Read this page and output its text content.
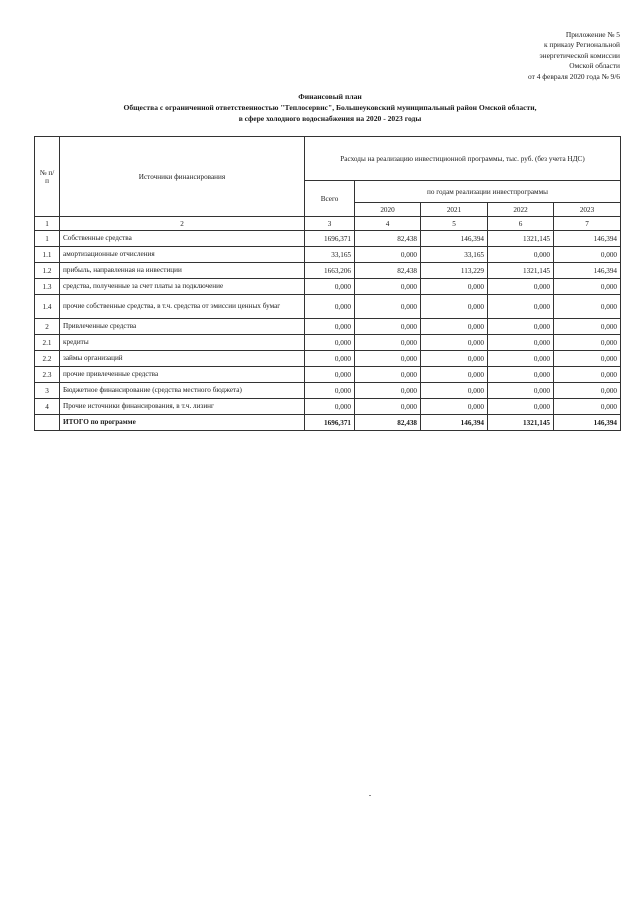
Приложение № 5
к приказу Региональной
энергетической комиссии
Омской области
от 4 февраля 2020 года № 9/6
Финансовый план
Общества с ограниченной ответственностью "Теплосервис", Большеуковский муниципальный район Омской области,
в сфере холодного водоснабжения на 2020 - 2023 годы
№ п/п	Источники финансирования	Расходы на реализацию инвестиционной программы, тыс. руб. (без учета НДС)				
		Всего	по годам реализации инвестпрограммы			
			2020	2021	2022	2023
1	2	3	4	5	6	7
1	Собственные средства	1696,371	82,438	146,394	1321,145	146,394
1.1	амортизационные отчисления	33,165	0,000	33,165	0,000	0,000
1.2	прибыль, направленная на инвестиции	1663,206	82,438	113,229	1321,145	146,394
1.3	средства, полученные за счет платы за подключение	0,000	0,000	0,000	0,000	0,000
1.4	прочие собственные средства, в т.ч. средства от эмиссии ценных бумаг	0,000	0,000	0,000	0,000	0,000
2	Привлеченные средства	0,000	0,000	0,000	0,000	0,000
2.1	кредиты	0,000	0,000	0,000	0,000	0,000
2.2	займы организаций	0,000	0,000	0,000	0,000	0,000
2.3	прочие привлеченные средства	0,000	0,000	0,000	0,000	0,000
3	Бюджетное финансирование (средства местного бюджета)	0,000	0,000	0,000	0,000	0,000
4	Прочие источники финансирования, в т.ч. лизинг	0,000	0,000	0,000	0,000	0,000
	ИТОГО по программе	1696,371	82,438	146,394	1321,145	146,394
